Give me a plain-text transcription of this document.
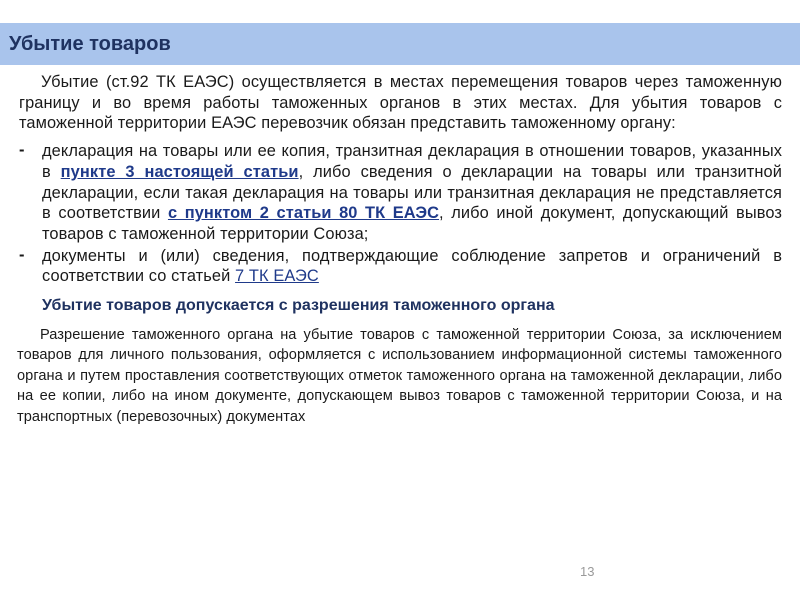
Убытие товаров

Убытие (ст.92 ТК ЕАЭС) осуществляется в местах перемещения товаров через таможенную границу и во время работы таможенных органов в этих местах. Для убытия товаров с таможенной территории ЕАЭС перевозчик обязан представить таможенному органу:

- декларация на товары или ее копия, транзитная декларация в отношении товаров, указанных в пункте 3 настоящей статьи, либо сведения о декларации на товары или транзитной декларации, если такая декларация на товары или транзитная декларация не представляется в соответствии с пунктом 2 статьи 80 ТК ЕАЭС, либо иной документ, допускающий вывоз товаров с таможенной территории Союза;
- документы и (или) сведения, подтверждающие соблюдение запретов и ограничений в соответствии со статьей 7 ТК ЕАЭС

Убытие товаров допускается с разрешения таможенного органа

Разрешение таможенного органа на убытие товаров с таможенной территории Союза, за исключением товаров для личного пользования, оформляется с использованием информационной системы таможенного органа и путем проставления соответствующих отметок таможенного органа на таможенной декларации, либо на ее копии, либо на ином документе, допускающем вывоз товаров с таможенной территории Союза, и на транспортных (перевозочных) документах

13
